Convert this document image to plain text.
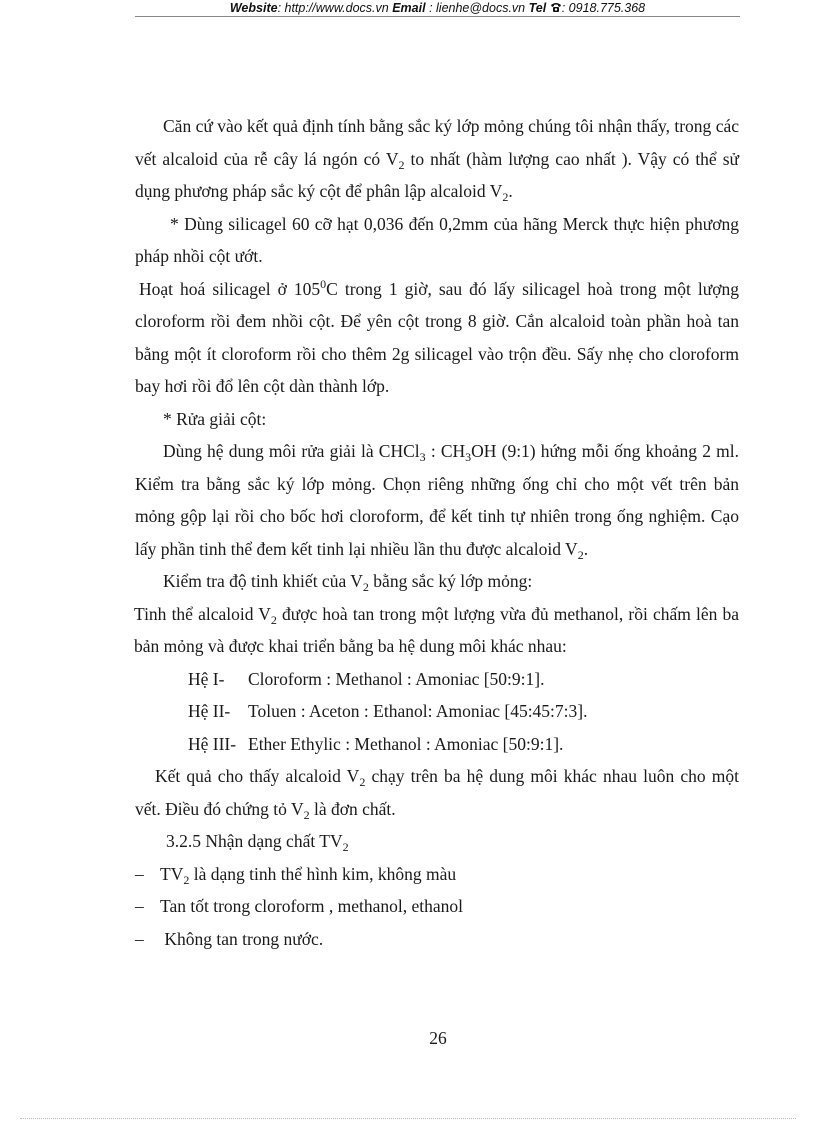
Website: http://www.docs.vn Email : lienhe@docs.vn Tel : 0918.775.368
Căn cứ vào kết quả định tính bằng sắc ký lớp mỏng chúng tôi nhận thấy, trong các vết alcaloid của rễ cây lá ngón có $V_2$ to nhất (hàm lượng cao nhất ). Vậy có thể sử dụng phương pháp sắc ký cột để phân lập alcaloid $V_2$.
* Dùng silicagel 60 cỡ hạt 0,036 đến 0,2mm của hãng Merck thực hiện phương pháp nhồi cột ướt.
Hoạt hoá silicagel ở $105^0C$ trong 1 giờ, sau đó lấy silicagel hoà trong một lượng cloroform rồi đem nhồi cột. Để yên cột trong 8 giờ. Cắn alcaloid toàn phần hoà tan bằng một ít cloroform rồi cho thêm 2g silicagel vào trộn đều. Sấy nhẹ cho cloroform bay hơi rồi đổ lên cột dàn thành lớp.
* Rửa giải cột:
Dùng hệ dung môi rửa giải là CHCl$_3$ : $CH_3OH$ (9:1) hứng mỗi ống khoảng 2 ml. Kiểm tra bằng sắc ký lớp mỏng. Chọn riêng những ống chỉ cho một vết trên bản mỏng gộp lại rồi cho bốc hơi cloroform, để kết tinh tự nhiên trong ống nghiệm. Cạo lấy phần tinh thể đem kết tinh lại nhiều lần thu được alcaloid $V_2$.
Kiểm tra độ tinh khiết của $V_2$ bằng sắc ký lớp mỏng:
Tinh thể alcaloid $V_2$ được hoà tan trong một lượng vừa đủ methanol, rồi chấm lên ba bản mỏng và được khai triển bằng ba hệ dung môi khác nhau:
Hệ I- Cloroform : Methanol : Amoniac [50:9:1].
Hệ II- Toluen : Aceton : Ethanol: Amoniac [45:45:7:3].
Hệ III- Ether Ethylic : Methanol : Amoniac [50:9:1].
Kết quả cho thấy alcaloid $V_2$ chạy trên ba hệ dung môi khác nhau luôn cho một vết. Điều đó chứng tỏ $V_2$ là đơn chất.
3.2.5 Nhận dạng chất $TV_2$
– $TV_2$ là dạng tinh thể hình kim, không màu
– Tan tốt trong cloroform , methanol, ethanol
– Không tan trong nước.
26
